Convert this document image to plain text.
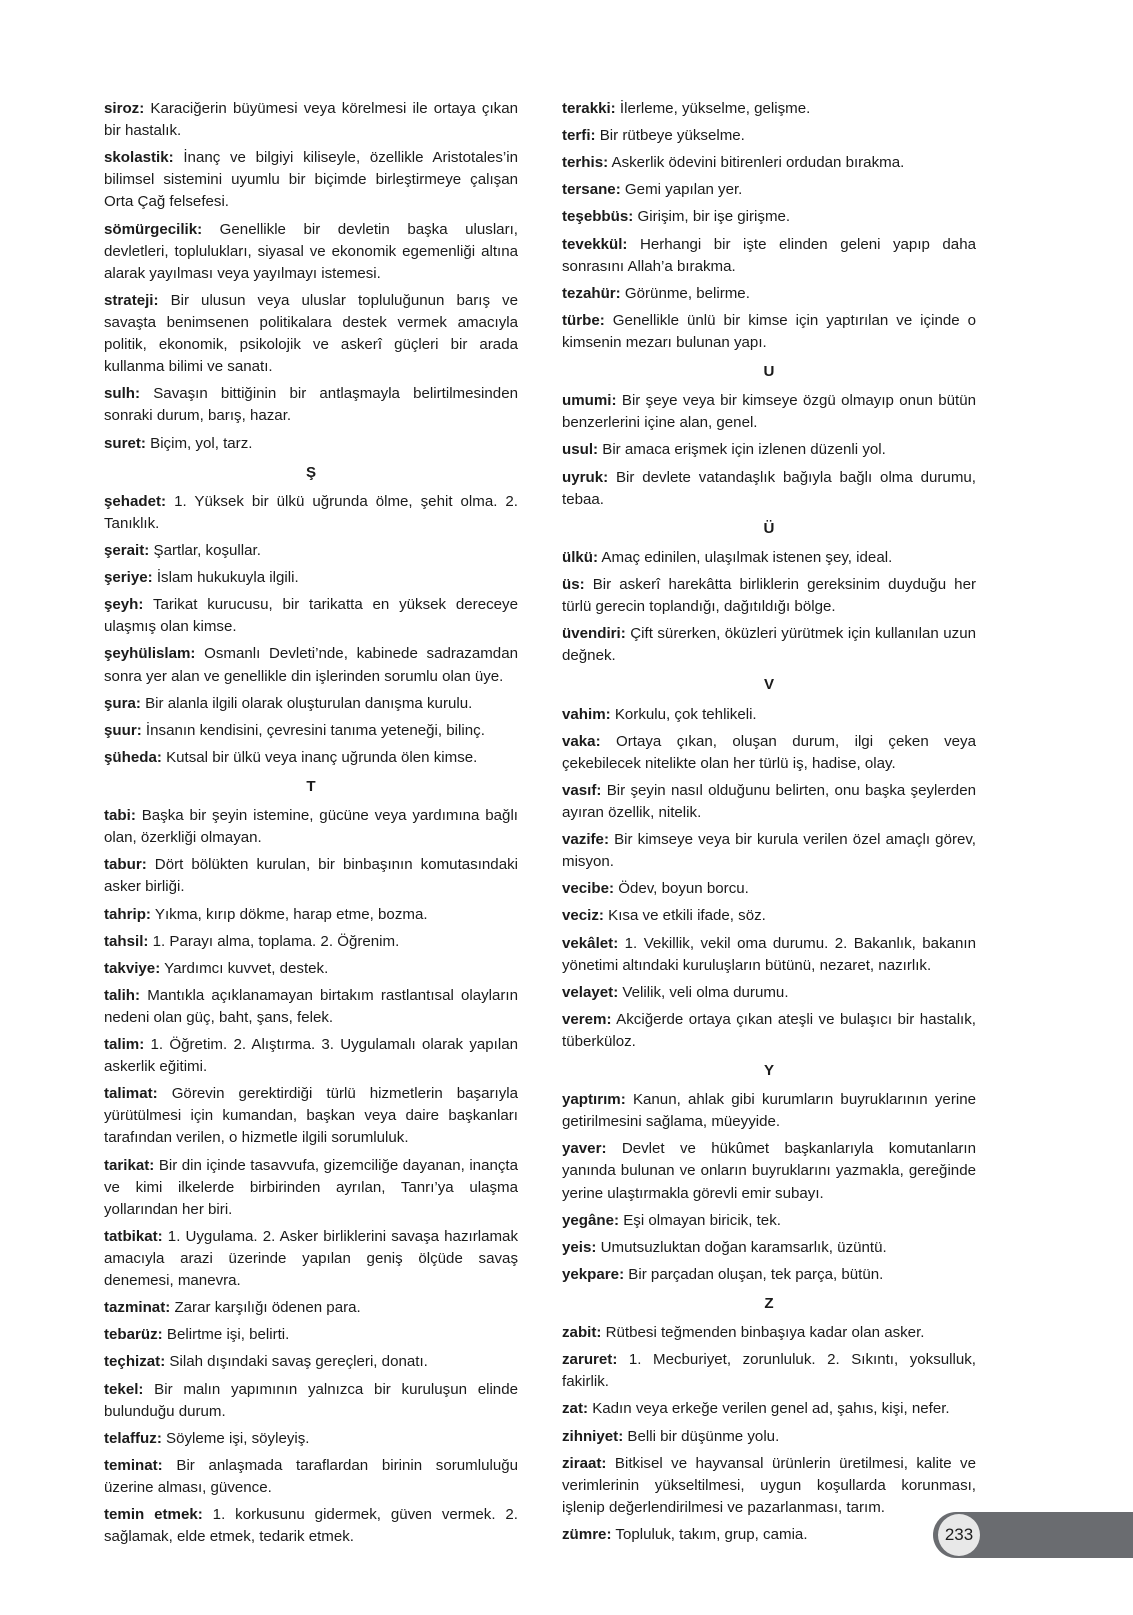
siroz: Karaciğerin büyümesi veya körelmesi ile ortaya çıkan bir hastalık.

skolastik: İnanç ve bilgiyi kiliseyle, özellikle Aristotales’in bilimsel sistemini uyumlu bir biçimde birleştirmeye çalışan Orta Çağ felsefesi.

sömürgecilik: Genellikle bir devletin başka ulusları, devletleri, toplulukları, siyasal ve ekonomik egemenliği altına alarak yayılması veya yayılmayı istemesi.

strateji: Bir ulusun veya uluslar topluluğunun barış ve savaşta benimsenen politikalara destek vermek amacıyla politik, ekonomik, psikolojik ve askerî güçleri bir arada kullanma bilimi ve sanatı.

sulh: Savaşın bittiğinin bir antlaşmayla belirtilmesinden sonraki durum, barış, hazar.

suret: Biçim, yol, tarz.

Ş

şehadet: 1. Yüksek bir ülkü uğrunda ölme, şehit olma. 2. Tanıklık.

şerait: Şartlar, koşullar.

şeriye: İslam hukukuyla ilgili.

şeyh: Tarikat kurucusu, bir tarikatta en yüksek dereceye ulaşmış olan kimse.

şeyhülislam: Osmanlı Devleti’nde, kabinede sadrazamdan sonra yer alan ve genellikle din işlerinden sorumlu olan üye.

şura: Bir alanla ilgili olarak oluşturulan danışma kurulu.

şuur: İnsanın kendisini, çevresini tanıma yeteneği, bilinç.

şüheda: Kutsal bir ülkü veya inanç uğrunda ölen kimse.

T

tabi: Başka bir şeyin istemine, gücüne veya yardımına bağlı olan, özerkliği olmayan.

tabur: Dört bölükten kurulan, bir binbaşının komutasındaki asker birliği.

tahrip: Yıkma, kırıp dökme, harap etme, bozma.

tahsil: 1. Parayı alma, toplama. 2. Öğrenim.

takviye: Yardımcı kuvvet, destek.

talih: Mantıkla açıklanamayan birtakım rastlantısal olayların nedeni olan güç, baht, şans, felek.

talim: 1. Öğretim. 2. Alıştırma. 3. Uygulamalı olarak yapılan askerlik eğitimi.

talimat: Görevin gerektirdiği türlü hizmetlerin başarıyla yürütülmesi için kumandan, başkan veya daire başkanları tarafından verilen, o hizmetle ilgili sorumluluk.

tarikat: Bir din içinde tasavvufa, gizemciliğe dayanan, inançta ve kimi ilkelerde birbirinden ayrılan, Tanrı’ya ulaşma yollarından her biri.

tatbikat: 1. Uygulama. 2. Asker birliklerini savaşa hazırlamak amacıyla arazi üzerinde yapılan geniş ölçüde savaş denemesi, manevra.

tazminat: Zarar karşılığı ödenen para.

tebarüz: Belirtme işi, belirti.

teçhizat: Silah dışındaki savaş gereçleri, donatı.

tekel: Bir malın yapımının yalnızca bir kuruluşun elinde bulunduğu durum.

telaffuz: Söyleme işi, söyleyiş.

teminat: Bir anlaşmada taraflardan birinin sorumluluğu üzerine alması, güvence.

temin etmek: 1. korkusunu gidermek, güven vermek. 2. sağlamak, elde etmek, tedarik etmek.

terakki: İlerleme, yükselme, gelişme.

terfi: Bir rütbeye yükselme.

terhis: Askerlik ödevini bitirenleri ordudan bırakma.

tersane: Gemi yapılan yer.

teşebbüs: Girişim, bir işe girişme.

tevekkül: Herhangi bir işte elinden geleni yapıp daha sonrasını Allah’a bırakma.

tezahür: Görünme, belirme.

türbe: Genellikle ünlü bir kimse için yaptırılan ve içinde o kimsenin mezarı bulunan yapı.

U

umumi: Bir şeye veya bir kimseye özgü olmayıp onun bütün benzerlerini içine alan, genel.

usul: Bir amaca erişmek için izlenen düzenli yol.

uyruk: Bir devlete vatandaşlık bağıyla bağlı olma durumu, tebaa.

Ü

ülkü: Amaç edinilen, ulaşılmak istenen şey, ideal.

üs: Bir askerî harekâtta birliklerin gereksinim duyduğu her türlü gerecin toplandığı, dağıtıldığı bölge.

üvendiri: Çift sürerken, öküzleri yürütmek için kullanılan uzun değnek.

V

vahim: Korkulu, çok tehlikeli.

vaka: Ortaya çıkan, oluşan durum, ilgi çeken veya çekebilecek nitelikte olan her türlü iş, hadise, olay.

vasıf: Bir şeyin nasıl olduğunu belirten, onu başka şeylerden ayıran özellik, nitelik.

vazife: Bir kimseye veya bir kurula verilen özel amaçlı görev, misyon.

vecibe: Ödev, boyun borcu.

veciz: Kısa ve etkili ifade, söz.

vekâlet: 1. Vekillik, vekil oma durumu. 2. Bakanlık, bakanın yönetimi altındaki kuruluşların bütünü, nezaret, nazırlık.

velayet: Velilik, veli olma durumu.

verem: Akciğerde ortaya çıkan ateşli ve bulaşıcı bir hastalık, tüberküloz.

Y

yaptırım: Kanun, ahlak gibi kurumların buyruklarının yerine getirilmesini sağlama, müeyyide.

yaver: Devlet ve hükûmet başkanlarıyla komutanların yanında bulunan ve onların buyruklarını yazmakla, gereğinde yerine ulaştırmakla görevli emir subayı.

yegâne: Eşi olmayan biricik, tek.

yeis: Umutsuzluktan doğan karamsarlık, üzüntü.

yekpare: Bir parçadan oluşan, tek parça, bütün.

Z

zabit: Rütbesi teğmenden binbaşıya kadar olan asker.

zaruret: 1. Mecburiyet, zorunluluk. 2. Sıkıntı, yoksulluk, fakirlik.

zat: Kadın veya erkeğe verilen genel ad, şahıs, kişi, nefer.

zihniyet: Belli bir düşünme yolu.

ziraat: Bitkisel ve hayvansal ürünlerin üretilmesi, kalite ve verimlerinin yükseltilmesi, uygun koşullarda korunması, işlenip değerlendirilmesi ve pazarlanması, tarım.

zümre: Topluluk, takım, grup, camia.	233
